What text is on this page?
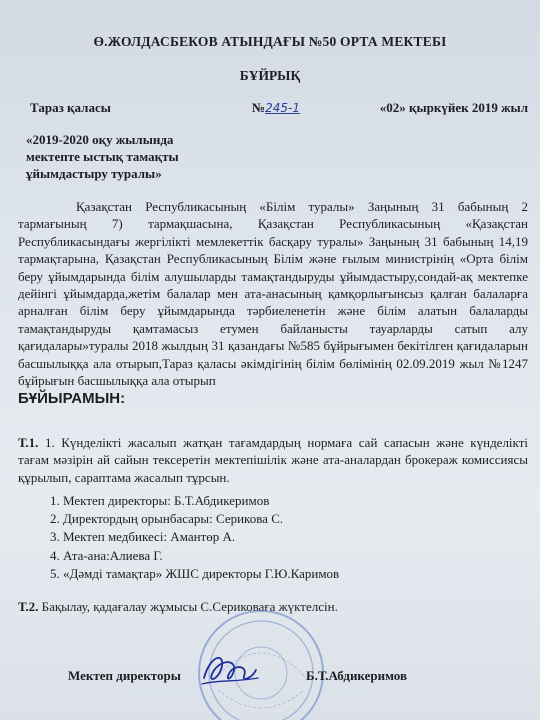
Ө.ЖОЛДАСБЕКОВ АТЫНДАҒЫ №50 ОРТА МЕКТЕБІ
БҰЙРЫҚ
Тараз қаласы	№245-1	«02» қыркүйек 2019 жыл
«2019-2020 оқу жылында
мектепте ыстық тамақты
ұйымдастыру туралы»
Қазақстан Республикасының «Білім туралы» Заңының 31 бабының 2 тармағының 7) тармақшасына, Қазақстан Республикасының «Қазақстан Республикасындағы жергілікті мемлекеттік басқару туралы» Заңының 31 бабының 14,19 тармақтарына, Қазақстан Республикасының Білім және ғылым министрінің «Орта білім беру ұйымдарында білім алушыларды тамақтандыруды ұйымдастыру,сондай-ақ мектепке дейінгі ұйымдарда,жетім балалар мен ата-анасының қамқорлығынсыз қалған балаларға арналған білім беру ұйымдарында тәрбиеленетін және білім алатын балаларды тамақтандыруды қамтамасыз етумен байланысты тауарларды сатып алу қағидалары»туралы 2018 жылдың 31 қазандағы №585 бұйрығымен бекітілген қағидаларын басшылыққа ала отырып,Тараз қаласы әкімдігінің білім бөлімінің 02.09.2019 жыл №1247 бұйрығын басшылыққа ала отырып
БҰЙЫРАМЫН:
Т.1. 1. Күнделікті жасалып жатқан тағамдардың нормаға сай сапасын және күнделікті тағам мәзірін ай сайын тексеретін мектепішілік және ата-аналардан брокераж комиссиясы құрылып, сараптама жасалып тұрсын.
1. Мектеп директоры: Б.Т.Абдикеримов
2. Директордың орынбасары: Серикова С.
3. Мектеп медбикесі: Амантөр А.
4. Ата-ана:Алиева Г.
5. «Дәмді тамақтар» ЖШС директоры Г.Ю.Каримов
Т.2. Бақылау, қадағалау жұмысы С.Сериковаға жүктелсін.
Мектеп директоры	Б.Т.Абдикеримов
